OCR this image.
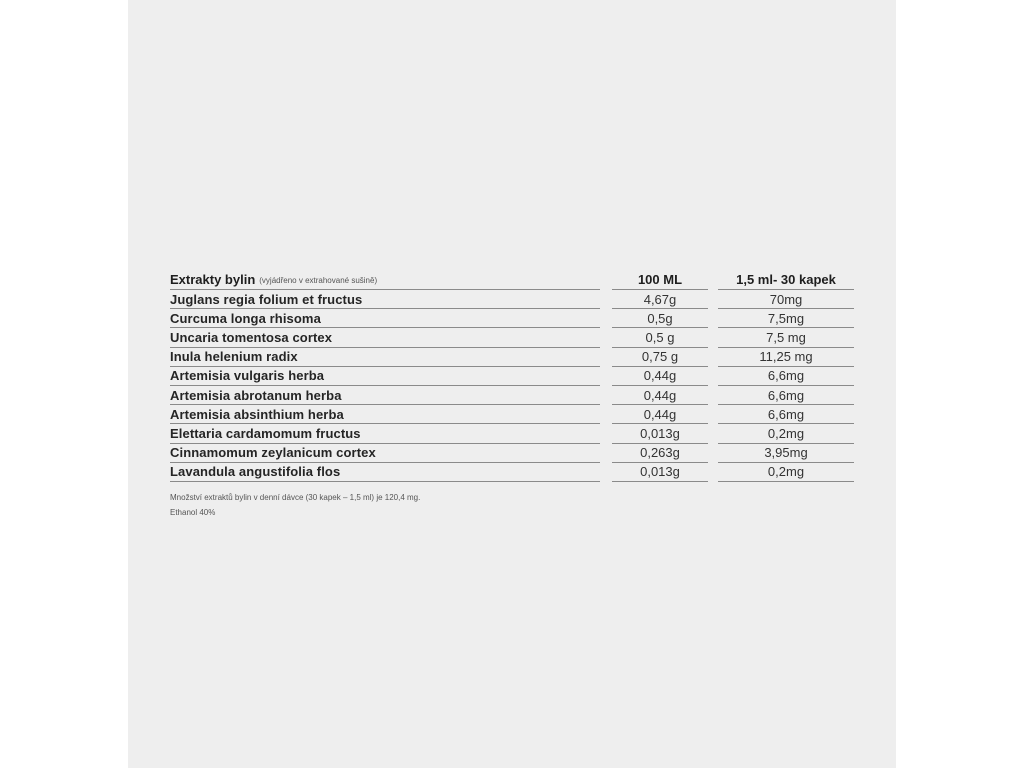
Extrakty bylin (vyjádřeno v extrahované sušině)	100 ML	1,5 ml- 30 kapek
Juglans regia folium et fructus	4,67g	70mg
Curcuma longa rhisoma	0,5g	7,5mg
Uncaria tomentosa cortex	0,5 g	7,5 mg
Inula helenium radix	0,75 g	11,25 mg
Artemisia vulgaris herba	0,44g	6,6mg
Artemisia abrotanum herba	0,44g	6,6mg
Artemisia absinthium herba	0,44g	6,6mg
Elettaria cardamomum fructus	0,013g	0,2mg
Cinnamomum zeylanicum cortex	0,263g	3,95mg
Lavandula angustifolia flos	0,013g	0,2mg
Množství extraktů bylin v denní dávce (30 kapek – 1,5 ml) je 120,4 mg.
Ethanol 40%
